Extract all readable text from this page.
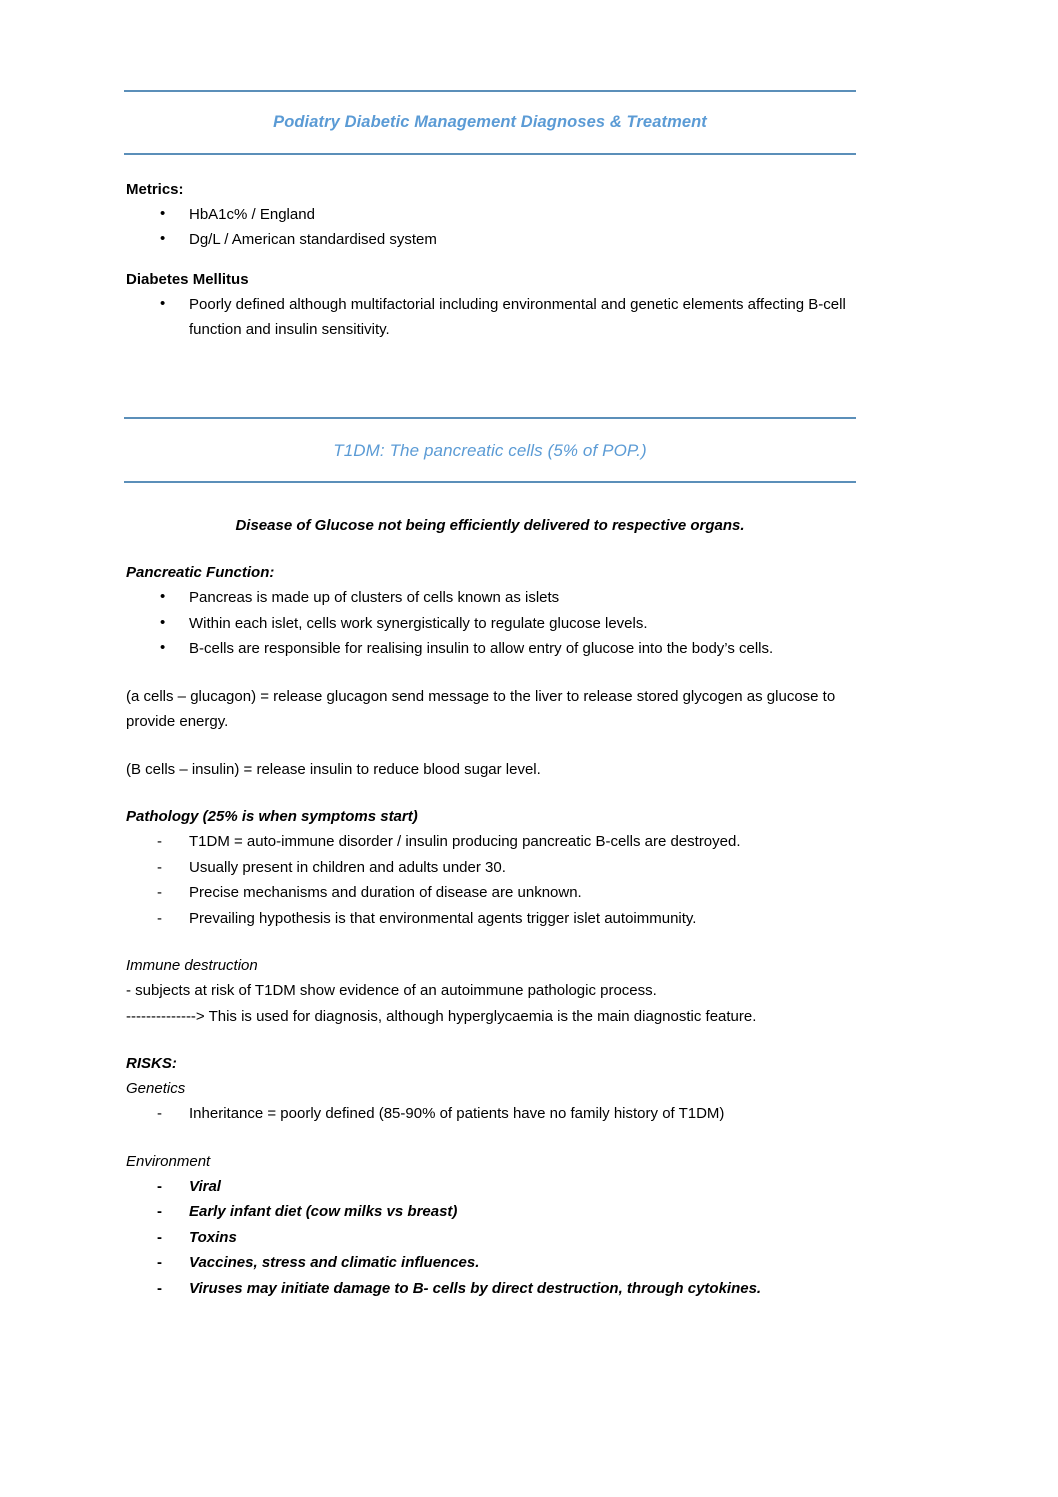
Podiatry Diabetic Management Diagnoses & Treatment
Metrics:
• HbA1c% / England
• Dg/L / American standardised system
Diabetes Mellitus
• Poorly defined although multifactorial including environmental and genetic elements affecting B-cell function and insulin sensitivity.
T1DM: The pancreatic cells (5% of POP.)
Disease of Glucose not being efficiently delivered to respective organs.
Pancreatic Function:
• Pancreas is made up of clusters of cells known as islets
• Within each islet, cells work synergistically to regulate glucose levels.
• B-cells are responsible for realising insulin to allow entry of glucose into the body’s cells.
(a cells – glucagon) = release glucagon send message to the liver to release stored glycogen as glucose to provide energy.
(B cells – insulin) = release insulin to reduce blood sugar level.
Pathology (25% is when symptoms start)
- T1DM = auto-immune disorder / insulin producing pancreatic B-cells are destroyed.
- Usually present in children and adults under 30.
- Precise mechanisms and duration of disease are unknown.
- Prevailing hypothesis is that environmental agents trigger islet autoimmunity.
Immune destruction
- subjects at risk of T1DM show evidence of an autoimmune pathologic process.
--------------> This is used for diagnosis, although hyperglycaemia is the main diagnostic feature.
RISKS:
Genetics
- Inheritance = poorly defined (85-90% of patients have no family history of T1DM)
Environment
- Viral
- Early infant diet (cow milks vs breast)
- Toxins
- Vaccines, stress and climatic influences.
- Viruses may initiate damage to B- cells by direct destruction, through cytokines.
